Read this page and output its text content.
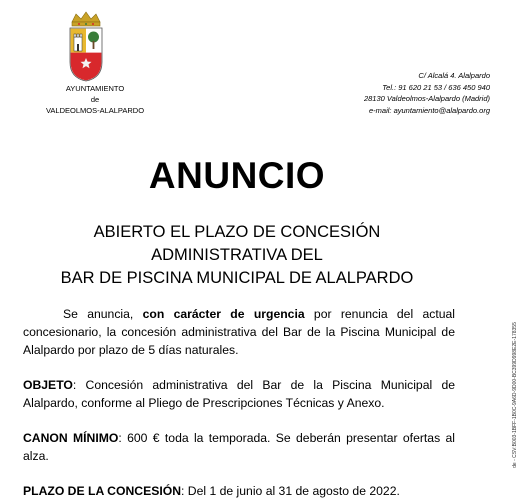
AYUNTAMIENTO
de
VALDEOLMOS-ALALPARDO
C/ Alcalá 4. Alalpardo
Tel.: 91 620 21 53 / 636 450 940
28130 Valdeolmos-Alalpardo (Madrid)
e-mail: ayuntamiento@alalpardo.org
ANUNCIO
ABIERTO EL PLAZO DE CONCESIÓN
ADMINISTRATIVA DEL
BAR DE PISCINA MUNICIPAL DE ALALPARDO

Se anuncia, con carácter de urgencia por renuncia del actual concesionario, la concesión administrativa del Bar de la Piscina Municipal de Alalpardo por plazo de 5 días naturales.

OBJETO: Concesión administrativa del Bar de la Piscina Municipal de Alalpardo, conforme al Pliego de Prescripciones Técnicas y Anexo.

CANON MÍNIMO: 600 € toda la temporada. Se deberán presentar ofertas al alza.

PLAZO DE LA CONCESIÓN: Del 1 de junio al 31 de agosto de 2022.

de - CSV:B003-1BFF-1B0C-9A6D-9D00-BC399D998E2E-178355
